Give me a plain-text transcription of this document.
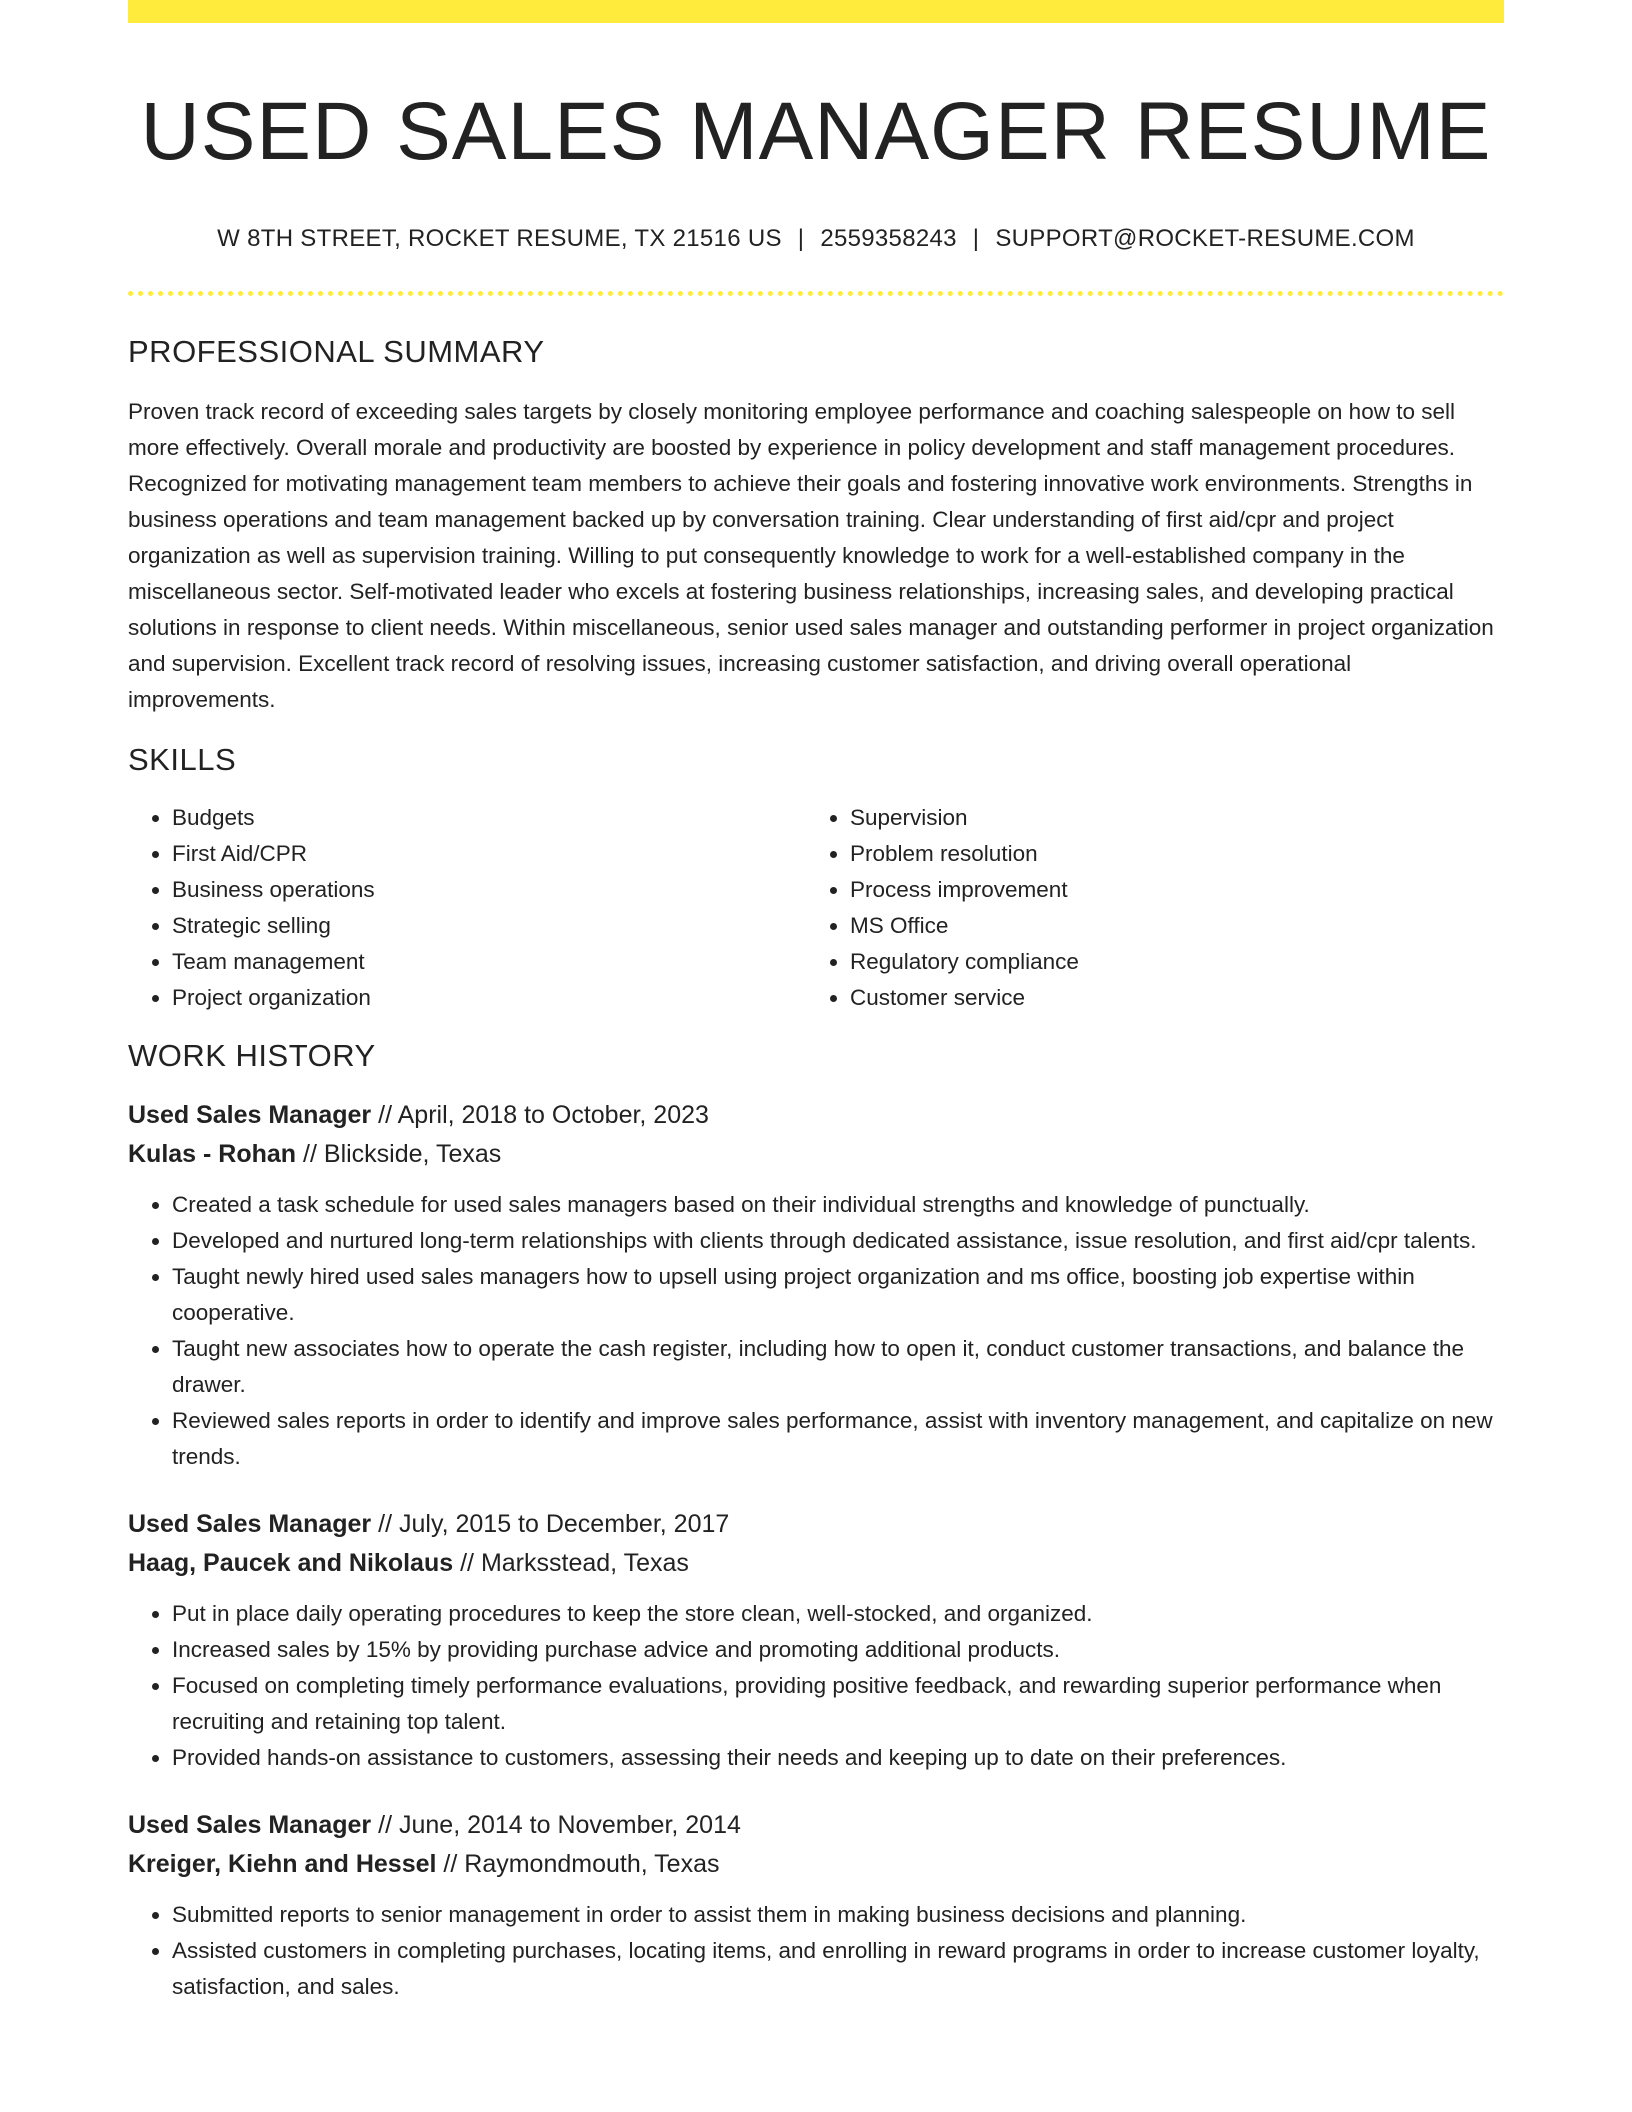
USED SALES MANAGER RESUME
W 8TH STREET, ROCKET RESUME, TX 21516 US | 2559358243 | SUPPORT@ROCKET-RESUME.COM
PROFESSIONAL SUMMARY

Proven track record of exceeding sales targets by closely monitoring employee performance and coaching salespeople on how to sell more effectively. Overall morale and productivity are boosted by experience in policy development and staff management procedures. Recognized for motivating management team members to achieve their goals and fostering innovative work environments. Strengths in business operations and team management backed up by conversation training. Clear understanding of first aid/cpr and project organization as well as supervision training. Willing to put consequently knowledge to work for a well-established company in the miscellaneous sector. Self-motivated leader who excels at fostering business relationships, increasing sales, and developing practical solutions in response to client needs. Within miscellaneous, senior used sales manager and outstanding performer in project organization and supervision. Excellent track record of resolving issues, increasing customer satisfaction, and driving overall operational improvements.

SKILLS
• Budgets
• First Aid/CPR
• Business operations
• Strategic selling
• Team management
• Project organization
• Supervision
• Problem resolution
• Process improvement
• MS Office
• Regulatory compliance
• Customer service
WORK HISTORY
Used Sales Manager // April, 2018 to October, 2023
Kulas - Rohan // Blickside, Texas
• Created a task schedule for used sales managers based on their individual strengths and knowledge of punctually.
• Developed and nurtured long-term relationships with clients through dedicated assistance, issue resolution, and first aid/cpr talents.
• Taught newly hired used sales managers how to upsell using project organization and ms office, boosting job expertise within cooperative.
• Taught new associates how to operate the cash register, including how to open it, conduct customer transactions, and balance the drawer.
• Reviewed sales reports in order to identify and improve sales performance, assist with inventory management, and capitalize on new trends.
Used Sales Manager // July, 2015 to December, 2017
Haag, Paucek and Nikolaus // Marksstead, Texas
• Put in place daily operating procedures to keep the store clean, well-stocked, and organized.
• Increased sales by 15% by providing purchase advice and promoting additional products.
• Focused on completing timely performance evaluations, providing positive feedback, and rewarding superior performance when recruiting and retaining top talent.
• Provided hands-on assistance to customers, assessing their needs and keeping up to date on their preferences.
Used Sales Manager // June, 2014 to November, 2014
Kreiger, Kiehn and Hessel // Raymondmouth, Texas
• Submitted reports to senior management in order to assist them in making business decisions and planning.
• Assisted customers in completing purchases, locating items, and enrolling in reward programs in order to increase customer loyalty, satisfaction, and sales.
